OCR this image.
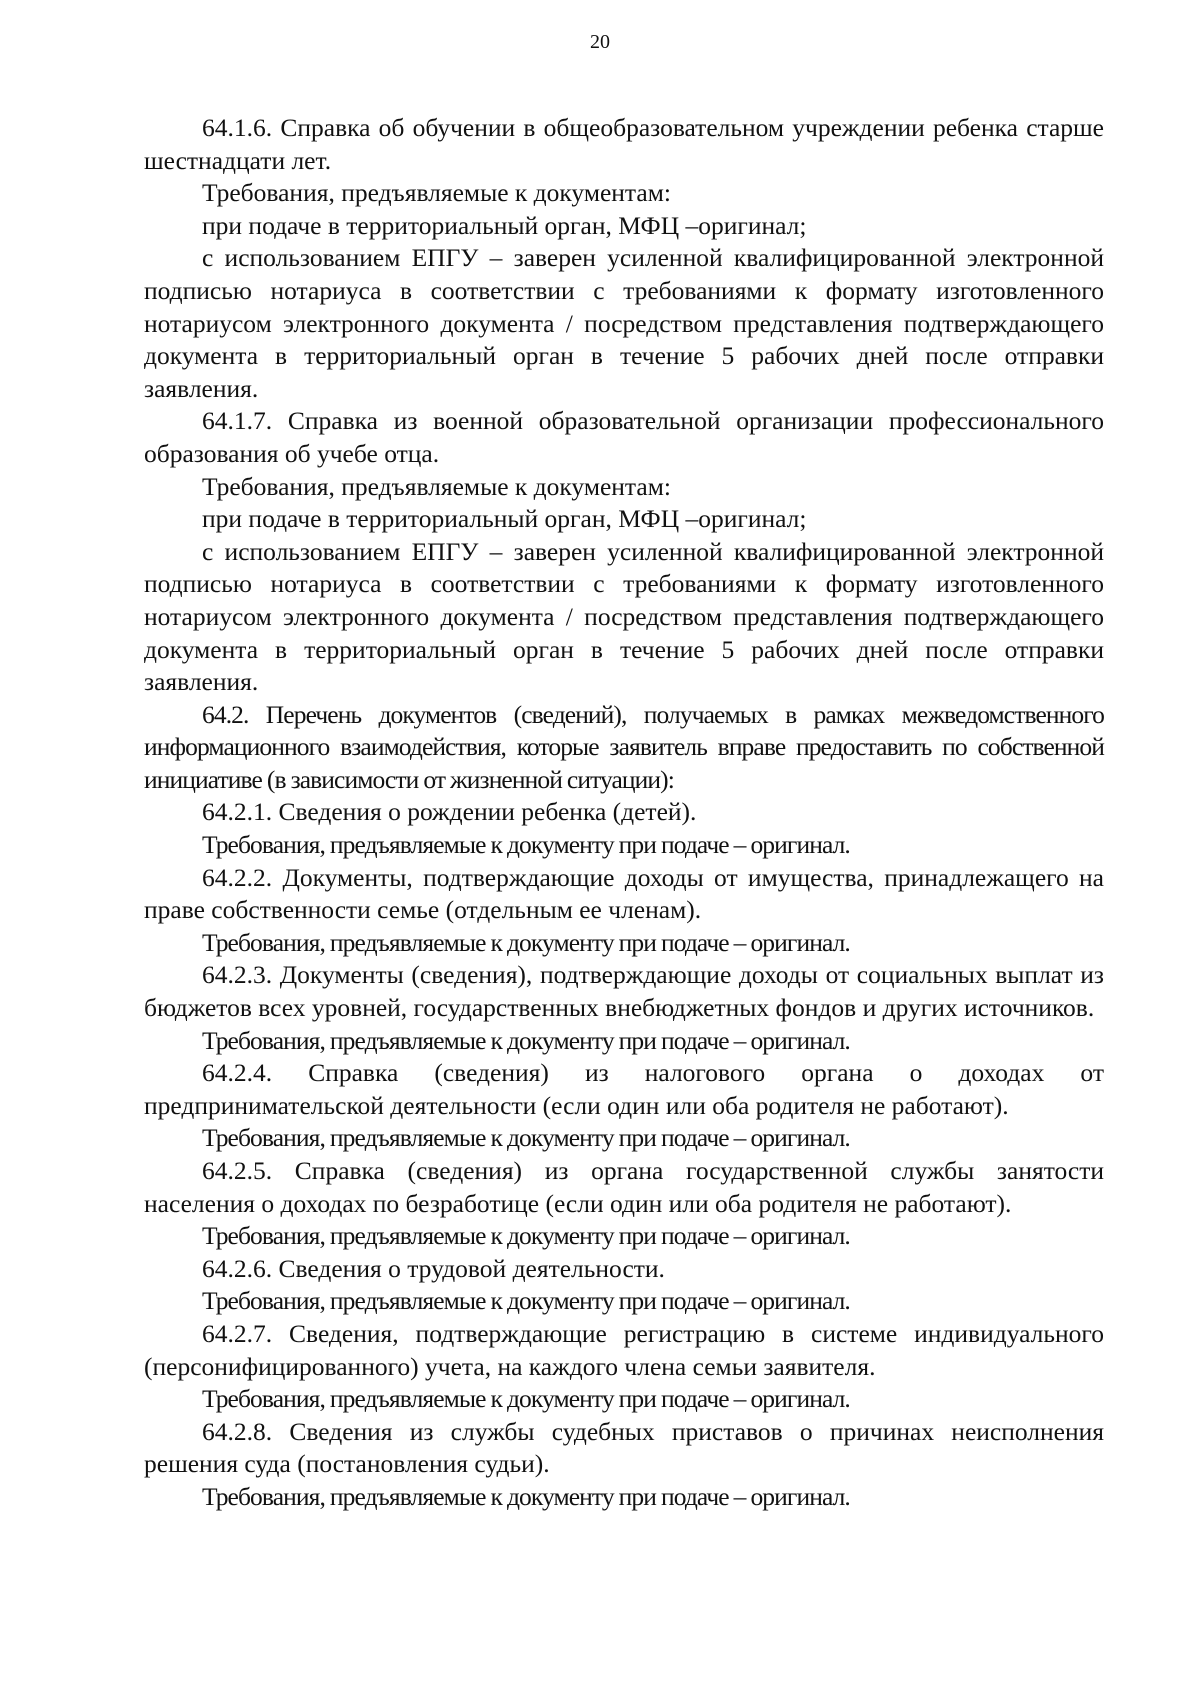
20

64.1.6. Справка об обучении в общеобразовательном учреждении ребенка старше шестнадцати лет.

Требования, предъявляемые к документам:

при подаче в территориальный орган, МФЦ –оригинал;

с использованием ЕПГУ – заверен усиленной квалифицированной электронной подписью нотариуса в соответствии с требованиями к формату изготовленного нотариусом электронного документа / посредством представления подтверждающего документа в территориальный орган в течение 5 рабочих дней после отправки заявления.

64.1.7. Справка из военной образовательной организации профессионального образования об учебе отца.

Требования, предъявляемые к документам:

при подаче в территориальный орган, МФЦ –оригинал;

с использованием ЕПГУ – заверен усиленной квалифицированной электронной подписью нотариуса в соответствии с требованиями к формату изготовленного нотариусом электронного документа / посредством представления подтверждающего документа в территориальный орган в течение 5 рабочих дней после отправки заявления.

64.2. Перечень документов (сведений), получаемых в рамках межведомственного информационного взаимодействия, которые заявитель вправе предоставить по собственной инициативе (в зависимости от жизненной ситуации):

64.2.1. Сведения о рождении ребенка (детей).

Требования, предъявляемые к документу при подаче – оригинал.

64.2.2. Документы, подтверждающие доходы от имущества, принадлежащего на праве собственности семье (отдельным ее членам).

Требования, предъявляемые к документу при подаче – оригинал.

64.2.3. Документы (сведения), подтверждающие доходы от социальных выплат из бюджетов всех уровней, государственных внебюджетных фондов и других источников.

Требования, предъявляемые к документу при подаче – оригинал.

64.2.4. Справка (сведения) из налогового органа о доходах от предпринимательской деятельности (если один или оба родителя не работают).

Требования, предъявляемые к документу при подаче – оригинал.

64.2.5. Справка (сведения) из органа государственной службы занятости населения о доходах по безработице (если один или оба родителя не работают).

Требования, предъявляемые к документу при подаче – оригинал.

64.2.6. Сведения о трудовой деятельности.

Требования, предъявляемые к документу при подаче – оригинал.

64.2.7. Сведения, подтверждающие регистрацию в системе индивидуального (персонифицированного) учета, на каждого члена семьи заявителя.

Требования, предъявляемые к документу при подаче – оригинал.

64.2.8. Сведения из службы судебных приставов о причинах неисполнения решения суда (постановления судьи).

Требования, предъявляемые к документу при подаче – оригинал.
